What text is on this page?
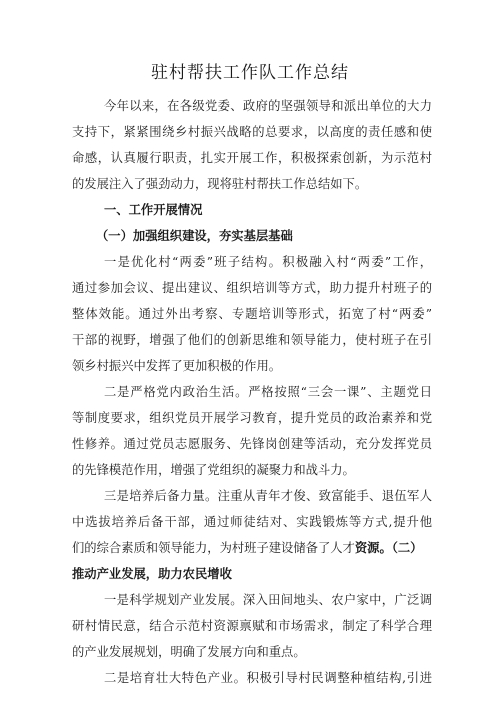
驻村帮扶工作队工作总结
今年以来，在各级党委、政府的坚强领导和派出单位的大力
支持下，紧紧围绕乡村振兴战略的总要求，以高度的责任感和使
命感，认真履行职责，扎实开展工作，积极探索创新，为示范村
的发展注入了强劲动力，现将驻村帮扶工作总结如下。
一、工作开展情况
（一）加强组织建设，夯实基层基础
一是优化村“两委”班子结构。积极融入村“两委”工作，
通过参加会议、提出建议、组织培训等方式，助力提升村班子的
整体效能。通过外出考察、专题培训等形式，拓宽了村“两委”
干部的视野，增强了他们的创新思维和领导能力，使村班子在引
领乡村振兴中发挥了更加积极的作用。
二是严格党内政治生活。严格按照“三会一课”、主题党日
等制度要求，组织党员开展学习教育，提升党员的政治素养和党
性修养。通过党员志愿服务、先锋岗创建等活动，充分发挥党员
的先锋模范作用，增强了党组织的凝聚力和战斗力。
三是培养后备力量。注重从青年才俊、致富能手、退伍军人
中选拔培养后备干部，通过师徒结对、实践锻炼等方式,提升他
们的综合素质和领导能力，为村班子建设储备了人才资源。（二）
推动产业发展，助力农民增收
一是科学规划产业发展。深入田间地头、农户家中，广泛调
研村情民意，结合示范村资源禀赋和市场需求，制定了科学合理
的产业发展规划，明确了发展方向和重点。
二是培育壮大特色产业。积极引导村民调整种植结构,引进
